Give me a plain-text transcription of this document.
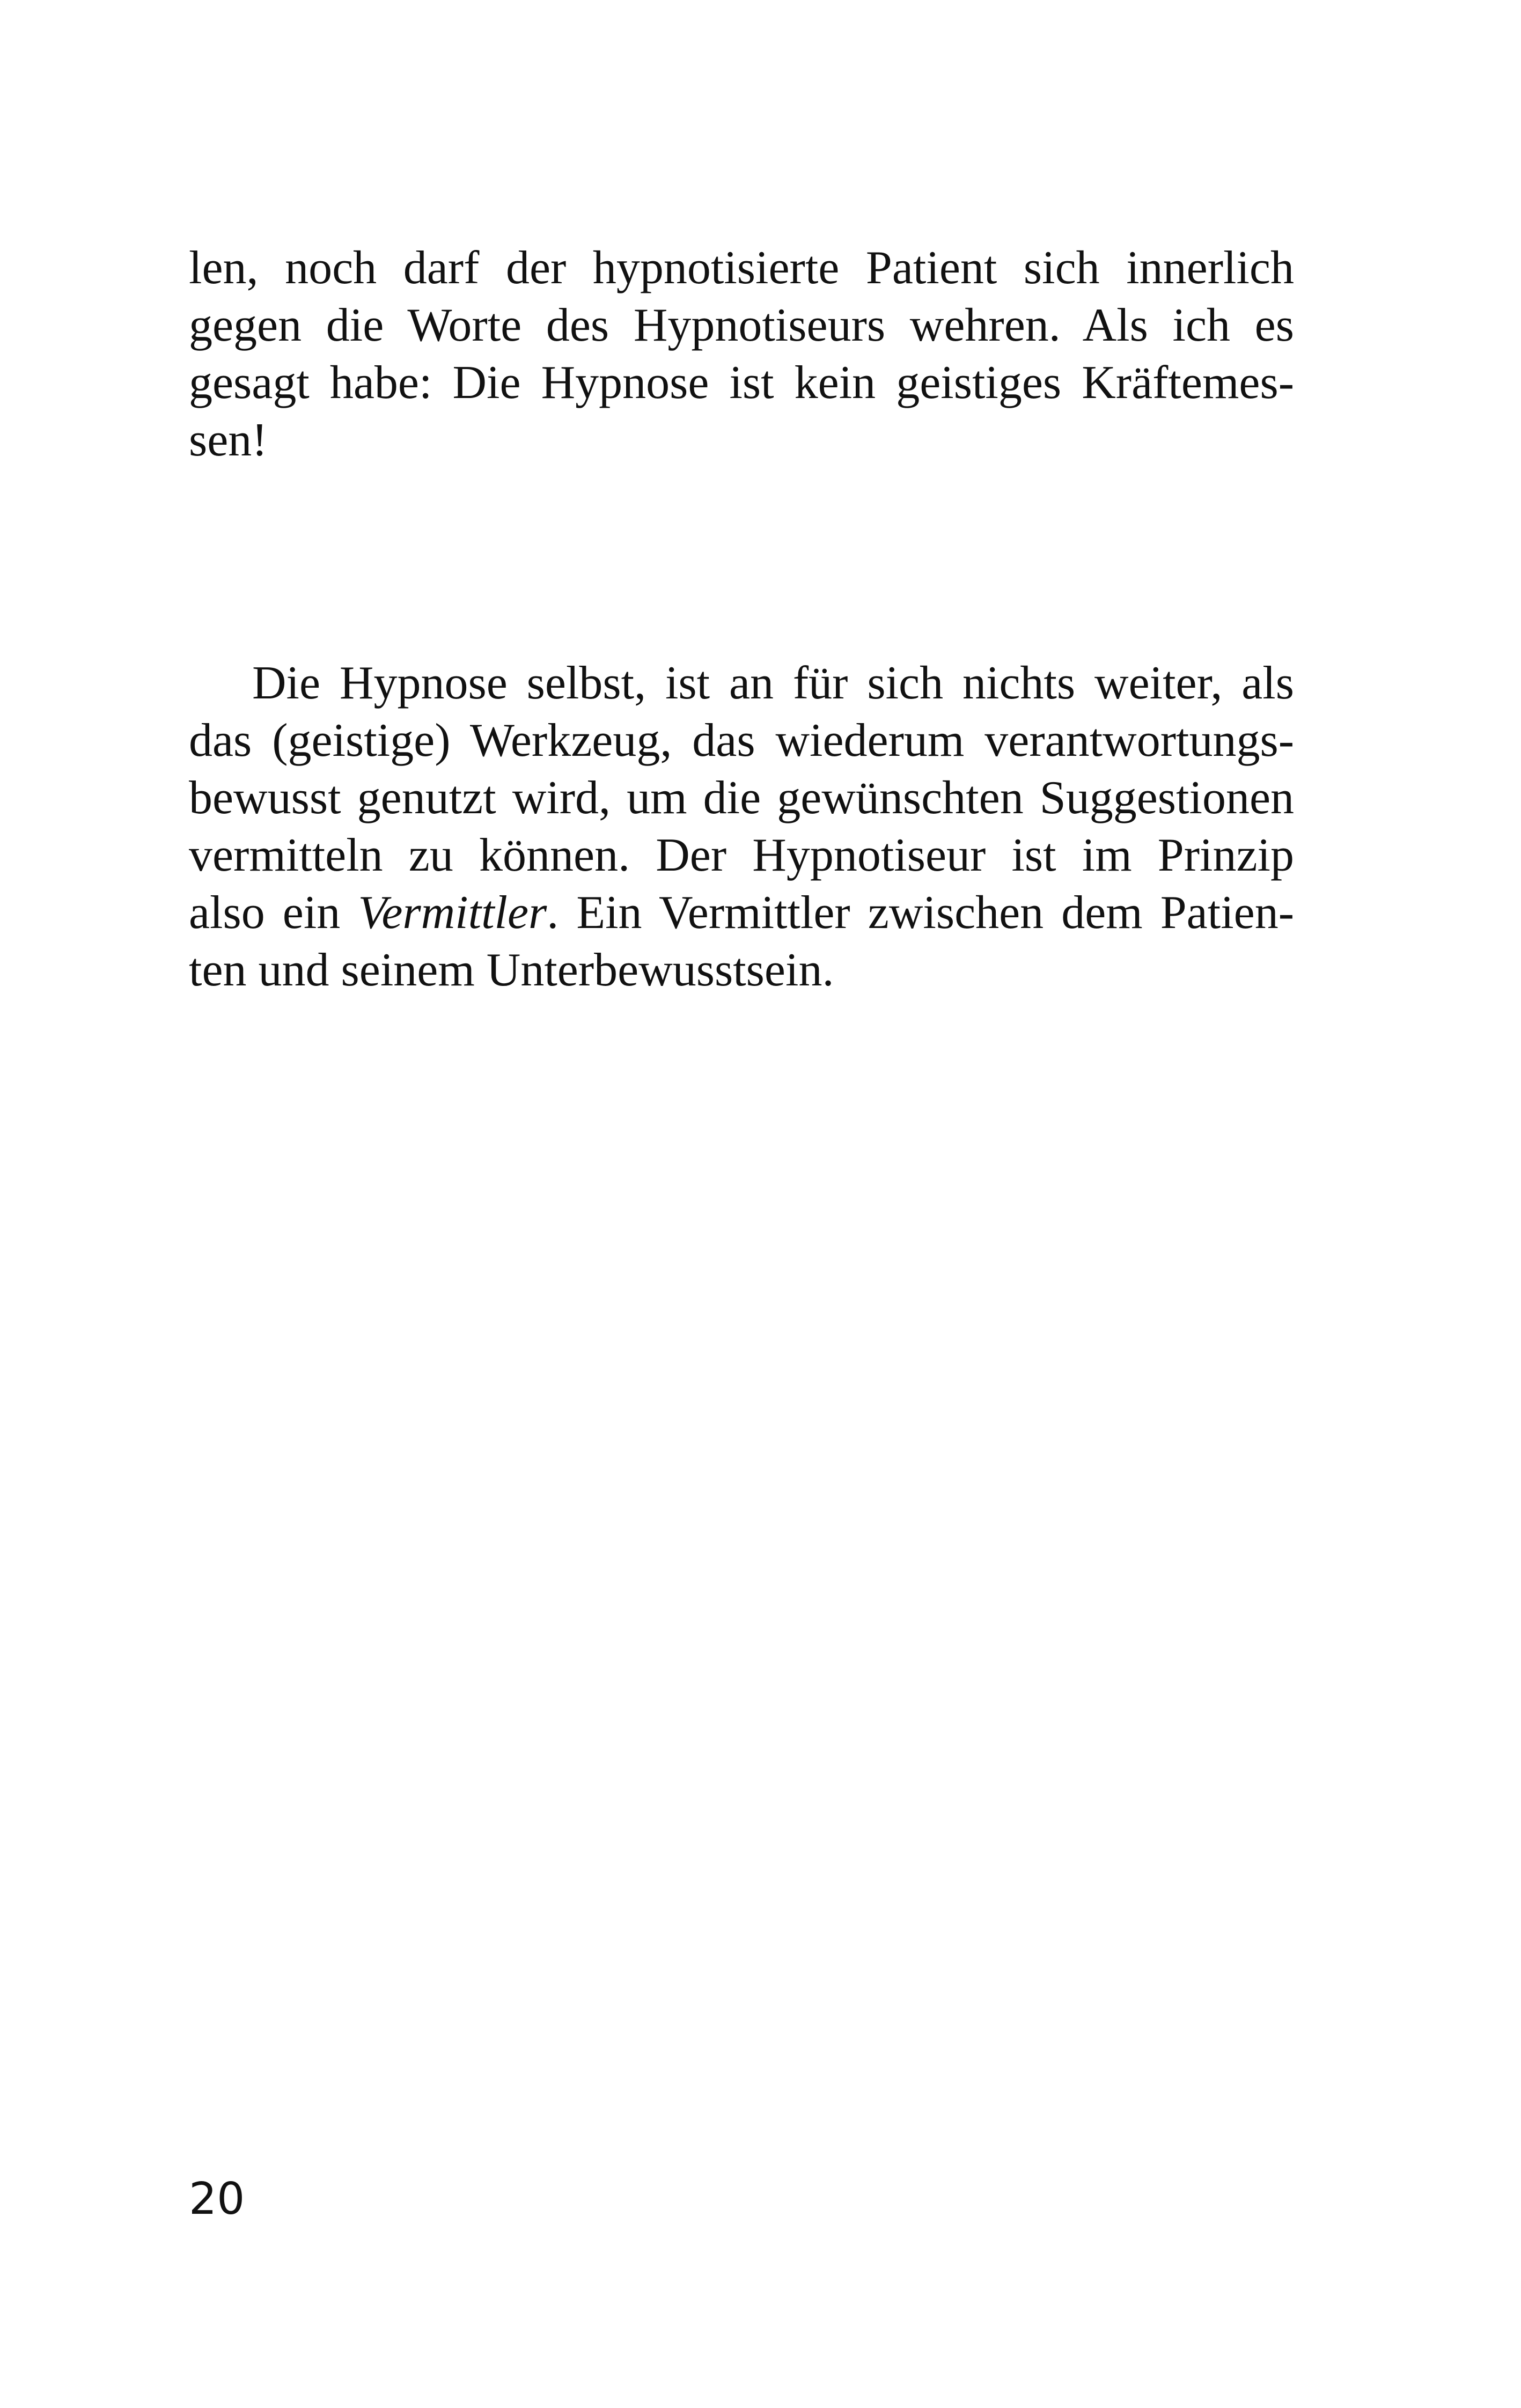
len, noch darf der hypnotisierte Patient sich innerlich
gegen die Worte des Hypnotiseurs wehren. Als ich es
gesagt habe: Die Hypnose ist kein geistiges Kräftemes-
sen!

Die Hypnose selbst, ist an für sich nichts weiter, als
das (geistige) Werkzeug, das wiederum verantwortungs-
bewusst genutzt wird, um die gewünschten Suggestionen
vermitteln zu können. Der Hypnotiseur ist im Prinzip
also ein Vermittler. Ein Vermittler zwischen dem Patien-
ten und seinem Unterbewusstsein.

20
